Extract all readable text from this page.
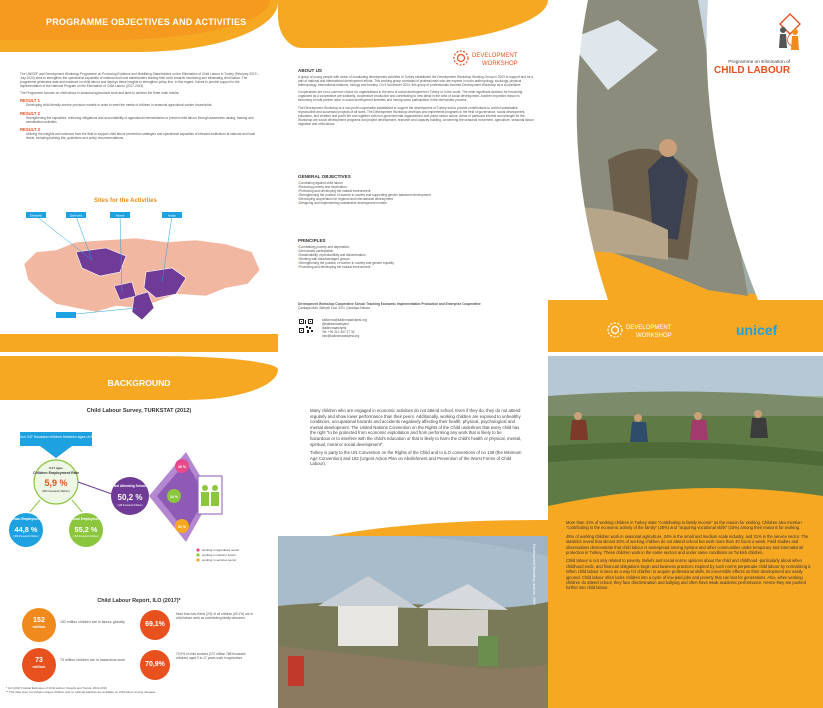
PROGRAMME OBJECTIVES AND ACTIVITIES

The UNICEF and Development Workshop Programme on Producing Evidence and Mobilizing Stakeholders on the Elimination of Child Labour in Turkey (February 2019 – July 2020) aims to strengthen the operational capacities of national and local stakeholders leading their work towards monitoring and eliminating child labour. The programme generates data and evidence on child labour and deploys these insights to strengthen policy first. In this regard, it aims to provide support to the implementation of the National Program on the Elimination of Child Labour (2017-2023).

The Programme focuses on child labour in seasonal agricultural work and aims to achieve the three main results:

RESULT 1

Developing child-friendly service provision models in order to meet the needs of children in seasonal agricultural worker households.

RESULT 2

Strengthening the capacities, enforcing obligations and accountability of agricultural intermediaries to prevent child labour through awareness raising, training and sensitization activities.

RESULT 3

Utilizing the insights and evidence from the field to support child labour prevention strategies and operational capacities of relevant institutions at national and local levels, including training kits, guidelines and policy recommendations.

Sites for the Activities
Eskişehir	Şanlıurfa	Adana	Hatay
DEVELOPMENT
WORKSHOP
ABOUT US

A group of young people with vision of conducting development activities in Turkey established the Development Workshop Working Group in 2003 to support and be a part of national and international development efforts. This working group consisted of professionals who are experts in socio-anthropology, sociology, physical anthropology, international relations, biology and forestry. On 9 November 2004, this group of professionals founded Development Workshop as a cooperative.

Cooperatives are not a common choice for organizations in the area of social development in Turkey or in the world. The main significant decision for becoming organized as a cooperative are solidarity, cooperative production and contributing to new ideas in the area of social development. Another important reason is becoming a multi-partner actor in social development activities and having some participation in the democratic process.

The Development Workshop is a non-profit cooperative established to support the development of Turkey and to provide contributions to correct sustainable, reproducible and successful projects of all sizes. The Development Workshop develops and implements programs in the field of governance, social development, education, and children and youth fire and together with non-governmental organizations and public sector actors. Areas of particular interest and strength for the Workshop are social development programs and project development, research and capacity building, concerning the seasonal movement, agriculture, seasonal labour migration and child labour.

GENERAL OBJECTIVES
• Combating against child labour
• Reducing poverty and deprivation
• Protecting and developing the natural environment
• Strengthening the position of women in society and supporting gender balanced development
• Developing cooperation for regional and international development
• Designing and implementing sustainable development models
PRINCIPLES
• Combatting poverty and deprivation
• Democratic participation
• Sustainability, reproducibility and dissemination
• Working with disadvantaged groups
• Strengthening the position of women in society and gender equality
• Protecting and developing the natural environment

Development Workshop Cooperative School Teaching Economic Implementation Production and Enterprise Cooperative

Çankaya Mah. Bahçeli Cad. 33/4, Çankaya Ankara

kalkinma@kalkinmaatolyesi.org
@kalkinmaatolyesi
/kalkinmaatolyesi
Tel: +90 312 467 27 34
info@kalkinmaatolyesi.org
Programme on Elimination of
CHILD LABOUR
DEVELOPMENT
WORKSHOP	unicef
BACKGROUND
Child Labour Survey, TURKSTAT (2012)
15 million 247 thousand children between ages of 6 to 17
6-17 ages
Children Employment Rate
5,9 %
(893 thousand children)
Urban Employment
44,8 %
(400 thousand children)
Rural Employment
55,2 %
(493 thousand children)
Not Attending School
50,2 %
(448 thousand children)
45 %
24 %
31 %
working in agriculture sector
working in industry sector
working in services sector
Child Labour Report, ILO (2017)*
152
million
152 million children are in labour globally	69,1%
More than two-thirds (2/3) of all children (69.1%) are in child labour work as contributing family labourers
73
million
73 million children are in hazardous work
70,9%
70,9% of child workers (107 million 788 thousand children) aged 5 to 17 years work in agriculture
* ILO (2017) Global Estimates of Child Labour: Results and Trends, 2012-2016
** This data does not include refugee children and no national statistics are available on child labour among refugees.

Many children who are engaged in economic activities do not attend school. Even if they do, they do not attend regularly and show lower performance than their peers. Additionally, working children are exposed to unhealthy conditions, occupational hazards and accidents negatively affecting their health, physical, psychological and mental development. The United Nations Convention on the Rights of the Child underlines that every child has the right "to be protected from economic exploitation and from performing any work that is likely to be hazardous or to interfere with the child's education or that is likely to harm the child's health or physical, mental, spiritual, moral or social development".

Turkey is party to the UN Convention on the Rights of the Child and to ILO conventions of no 138 (the Minimum Age Convention) and 182 (Urgent Action Plan on Abolishment and Prevention of the Worst Forms of Child Labour).

Development Workshop archive, 2019

More than 41% of working children in Turkey state "contributing to family income" as the reason for working. Children also mention "contributing to the economic activity of the family" (28%) and "acquiring vocational skills" (15%) among their reasons for working.

45% of working children work in seasonal agriculture, 24% in the small and medium scale industry, and 31% in the service sector. The statistics reveal that almost 30% of working children do not attend school but work more than 40 hours a week. Field studies and observations demonstrate that child labour is widespread among Syrians and other communities under temporary and international protection in Turkey. These children work in the same sectors and under same conditions as Turkish children.

Child labour is not only related to poverty. Beliefs and social norms opinions about the child and childhood -particularly about when childhood ends, and financial obligations begin and business practices inspired by such norms perpetuate child labour by normalizing it. When child labour is seen as a way for children to acquire professional skills, its irreversible effects on their development are easily ignored. Child labour often locks children into a cycle of low-paid jobs and poverty that can last for generations. Also, when working children do attend school, they face discrimination and bullying and often have weak academic performance. Hence they are pushed further into child labour.
